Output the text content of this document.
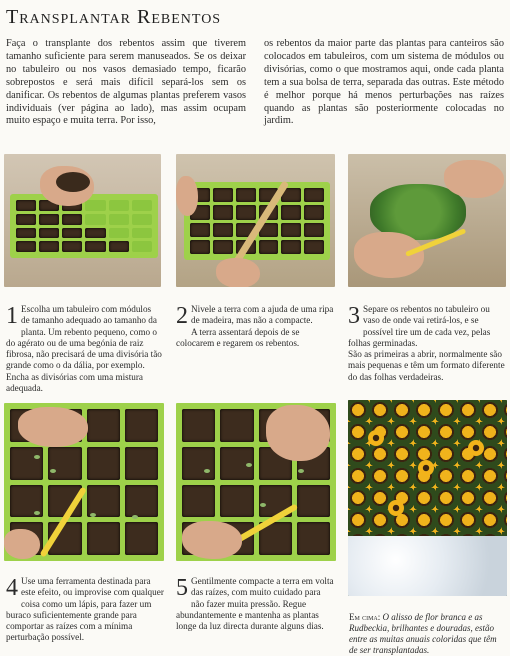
Transplantar Rebentos
Faça o transplante dos rebentos assim que tiverem tamanho suficiente para serem manuseados. Se os deixar no tabuleiro ou nos vasos demasiado tempo, ficarão sobrepostos e será mais difícil separá-los sem os danificar. Os rebentos de algumas plantas preferem vasos individuais (ver página ao lado), mas assim ocupam muito espaço e muita terra. Por isso,
os rebentos da maior parte das plantas para canteiros são colocados em tabuleiros, com um sistema de módulos ou divisórias, como o que mostramos aqui, onde cada planta tem a sua bolsa de terra, separada das outras. Este método é melhor porque há menos perturbações nas raízes quando as plantas são posteriormente colocadas no jardim.
1 Escolha um tabuleiro com módulos de tamanho adequado ao tamanho da planta. Um rebento pequeno, como o do agérato ou de uma begónia de raiz fibrosa, não precisará de uma divisória tão grande como o da dália, por exemplo. Encha as divisórias com uma mistura adequada.

2 Nivele a terra com a ajuda de uma ripa de madeira, mas não a compacte.

A terra assentará depois de se colocarem e regarem os rebentos.

3 Separe os rebentos no tabuleiro ou vaso de onde vai retirá-los, e se possível tire um de cada vez, pelas folhas germinadas.

São as primeiras a abrir, normalmente são mais pequenas e têm um formato diferente do das folhas verdadeiras.

4 Use uma ferramenta destinada para este efeito, ou improvise com qualquer coisa como um lápis, para fazer um buraco suficientemente grande para comportar as raízes com a mínima perturbação possível.

5 Gentilmente compacte a terra em volta das raízes, com muito cuidado para não fazer muita pressão. Regue abundantemente e mantenha as plantas longe da luz directa durante alguns dias.

Em cima: O alisso de flor branca e as Rudbeckia, brilhantes e douradas, estão entre as muitas anuais coloridas que têm de ser transplantadas.
